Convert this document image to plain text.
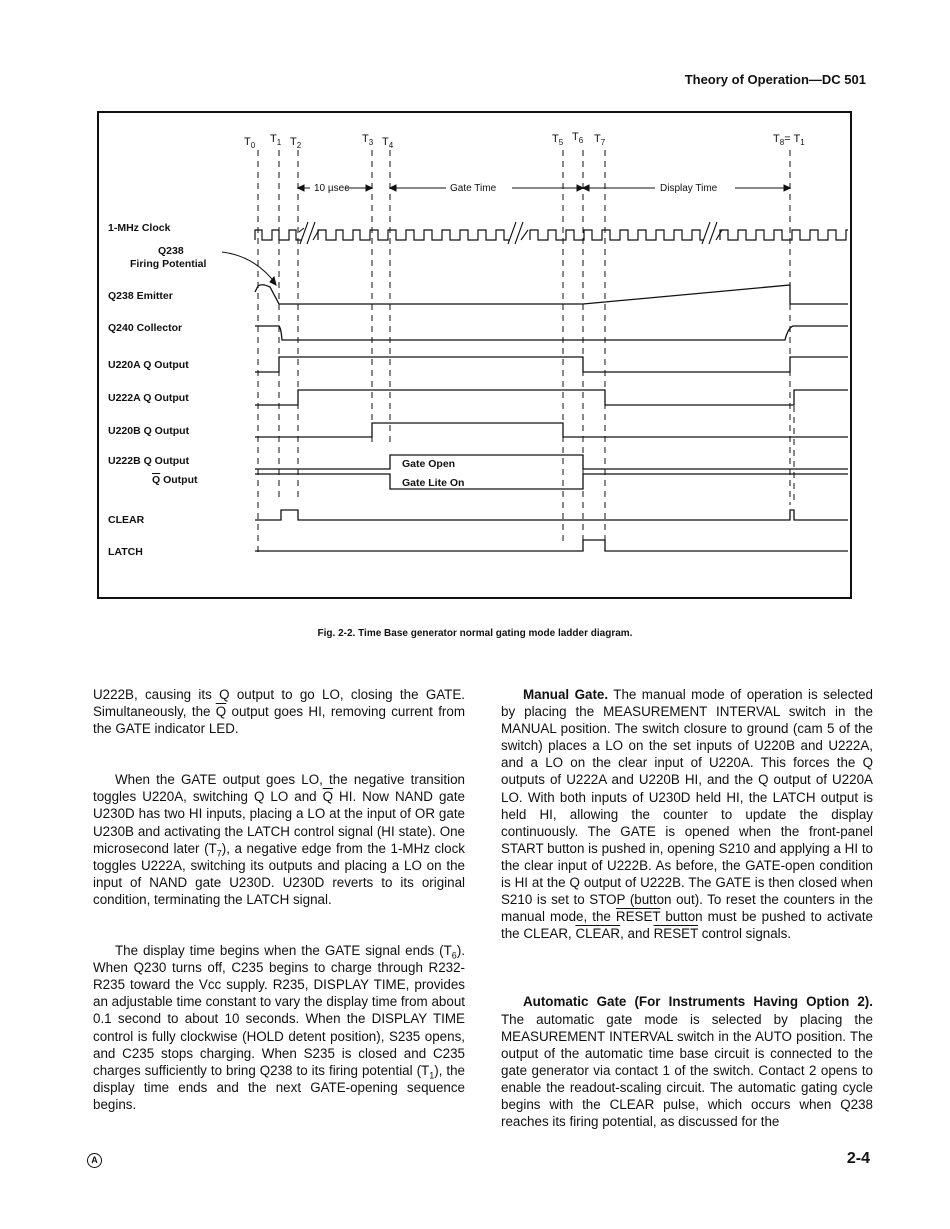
Theory of Operation—DC 501
$T_0$
$T_1$ $T_2$
$T_3$ $T_4$
$T_5$ $T_6$ $T_7$	$T_8= T_1$
10 µsec	Gate Time	Display Time
1-MHz Clock
Q238
Firing Potential
Q238 Emitter
Q240 Collector
U220A Q Output
U222A Q Output
U220B Q Output
U222B Q Output
Q Output
CLEAR
LATCH
Gate Open
Gate Lite On
Fig. 2-2. Time Base generator normal gating mode ladder diagram.

U222B, causing its Q output to go LO, closing the GATE. Simultaneously, the $\overline{Q}$ output goes HI, removing current from the GATE indicator LED.

When the GATE output goes LO, the negative transition toggles U220A, switching Q LO and $\overline{Q}$ HI. Now NAND gate U230D has two HI inputs, placing a LO at the input of OR gate U230B and activating the LATCH control signal (HI state). One microsecond later $(T_7)$, a negative edge from the 1-MHz clock toggles U222A, switching its outputs and placing a LO on the input of NAND gate U230D. U230D reverts to its original condition, terminating the LATCH signal.

The display time begins when the GATE signal ends $(T_6)$. When Q230 turns off, C235 begins to charge through R232-R235 toward the Vcc supply. R235, DISPLAY TIME, provides an adjustable time constant to vary the display time from about 0.1 second to about 10 seconds. When the DISPLAY TIME control is fully clockwise (HOLD detent position), S235 opens, and C235 stops charging. When S235 is closed and C235 charges sufficiently to bring Q238 to its firing potential $(T_1)$, the display time ends and the next GATE-opening sequence begins.

Manual Gate. The manual mode of operation is selected by placing the MEASUREMENT INTERVAL switch in the MANUAL position. The switch closure to ground (cam 5 of the switch) places a LO on the set inputs of U220B and U222A, and a LO on the clear input of U220A. This forces the Q outputs of U222A and U220B HI, and the Q output of U220A LO. With both inputs of U230D held HI, the LATCH output is held HI, allowing the counter to update the display continuously. The GATE is opened when the front-panel START button is pushed in, opening S210 and applying a HI to the clear input of U222B. As before, the GATE-open condition is HI at the Q output of U222B. The GATE is then closed when S210 is set to STOP (button out). To reset the counters in the manual mode, the RESET button must be pushed to activate the CLEAR, CLEAR, and RESET control signals.

Automatic Gate (For Instruments Having Option 2). The automatic gate mode is selected by placing the MEASUREMENT INTERVAL switch in the AUTO position. The output of the automatic time base circuit is connected to the gate generator via contact 1 of the switch. Contact 2 opens to enable the readout-scaling circuit. The automatic gating cycle begins with the CLEAR pulse, which occurs when Q238 reaches its firing potential, as discussed for the

A	2-4
